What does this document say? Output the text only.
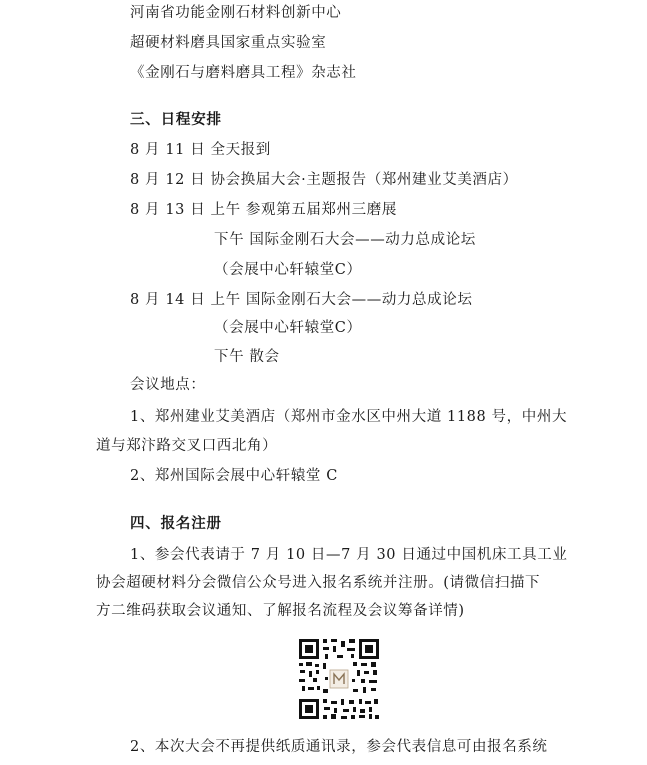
河南省功能金刚石材料创新中心
超硬材料磨具国家重点实验室
《金刚石与磨料磨具工程》杂志社
三、日程安排
8 月 11 日 全天报到
8 月 12 日 协会换届大会·主题报告（郑州建业艾美酒店）
8 月 13 日 上午 参观第五届郑州三磨展
下午 国际金刚石大会——动力总成论坛
（会展中心轩辕堂C）
8 月 14 日 上午 国际金刚石大会——动力总成论坛
（会展中心轩辕堂C）
下午 散会
会议地点：
1、郑州建业艾美酒店（郑州市金水区中州大道 1188 号，中州大
道与郑汴路交叉口西北角）
2、郑州国际会展中心轩辕堂 C
四、报名注册
1、参会代表请于 7 月 10 日—7 月 30 日通过中国机床工具工业
协会超硬材料分会微信公众号进入报名系统并注册。(请微信扫描下
方二维码获取会议通知、了解报名流程及会议筹备详情)
2、本次大会不再提供纸质通讯录，参会代表信息可由报名系统
